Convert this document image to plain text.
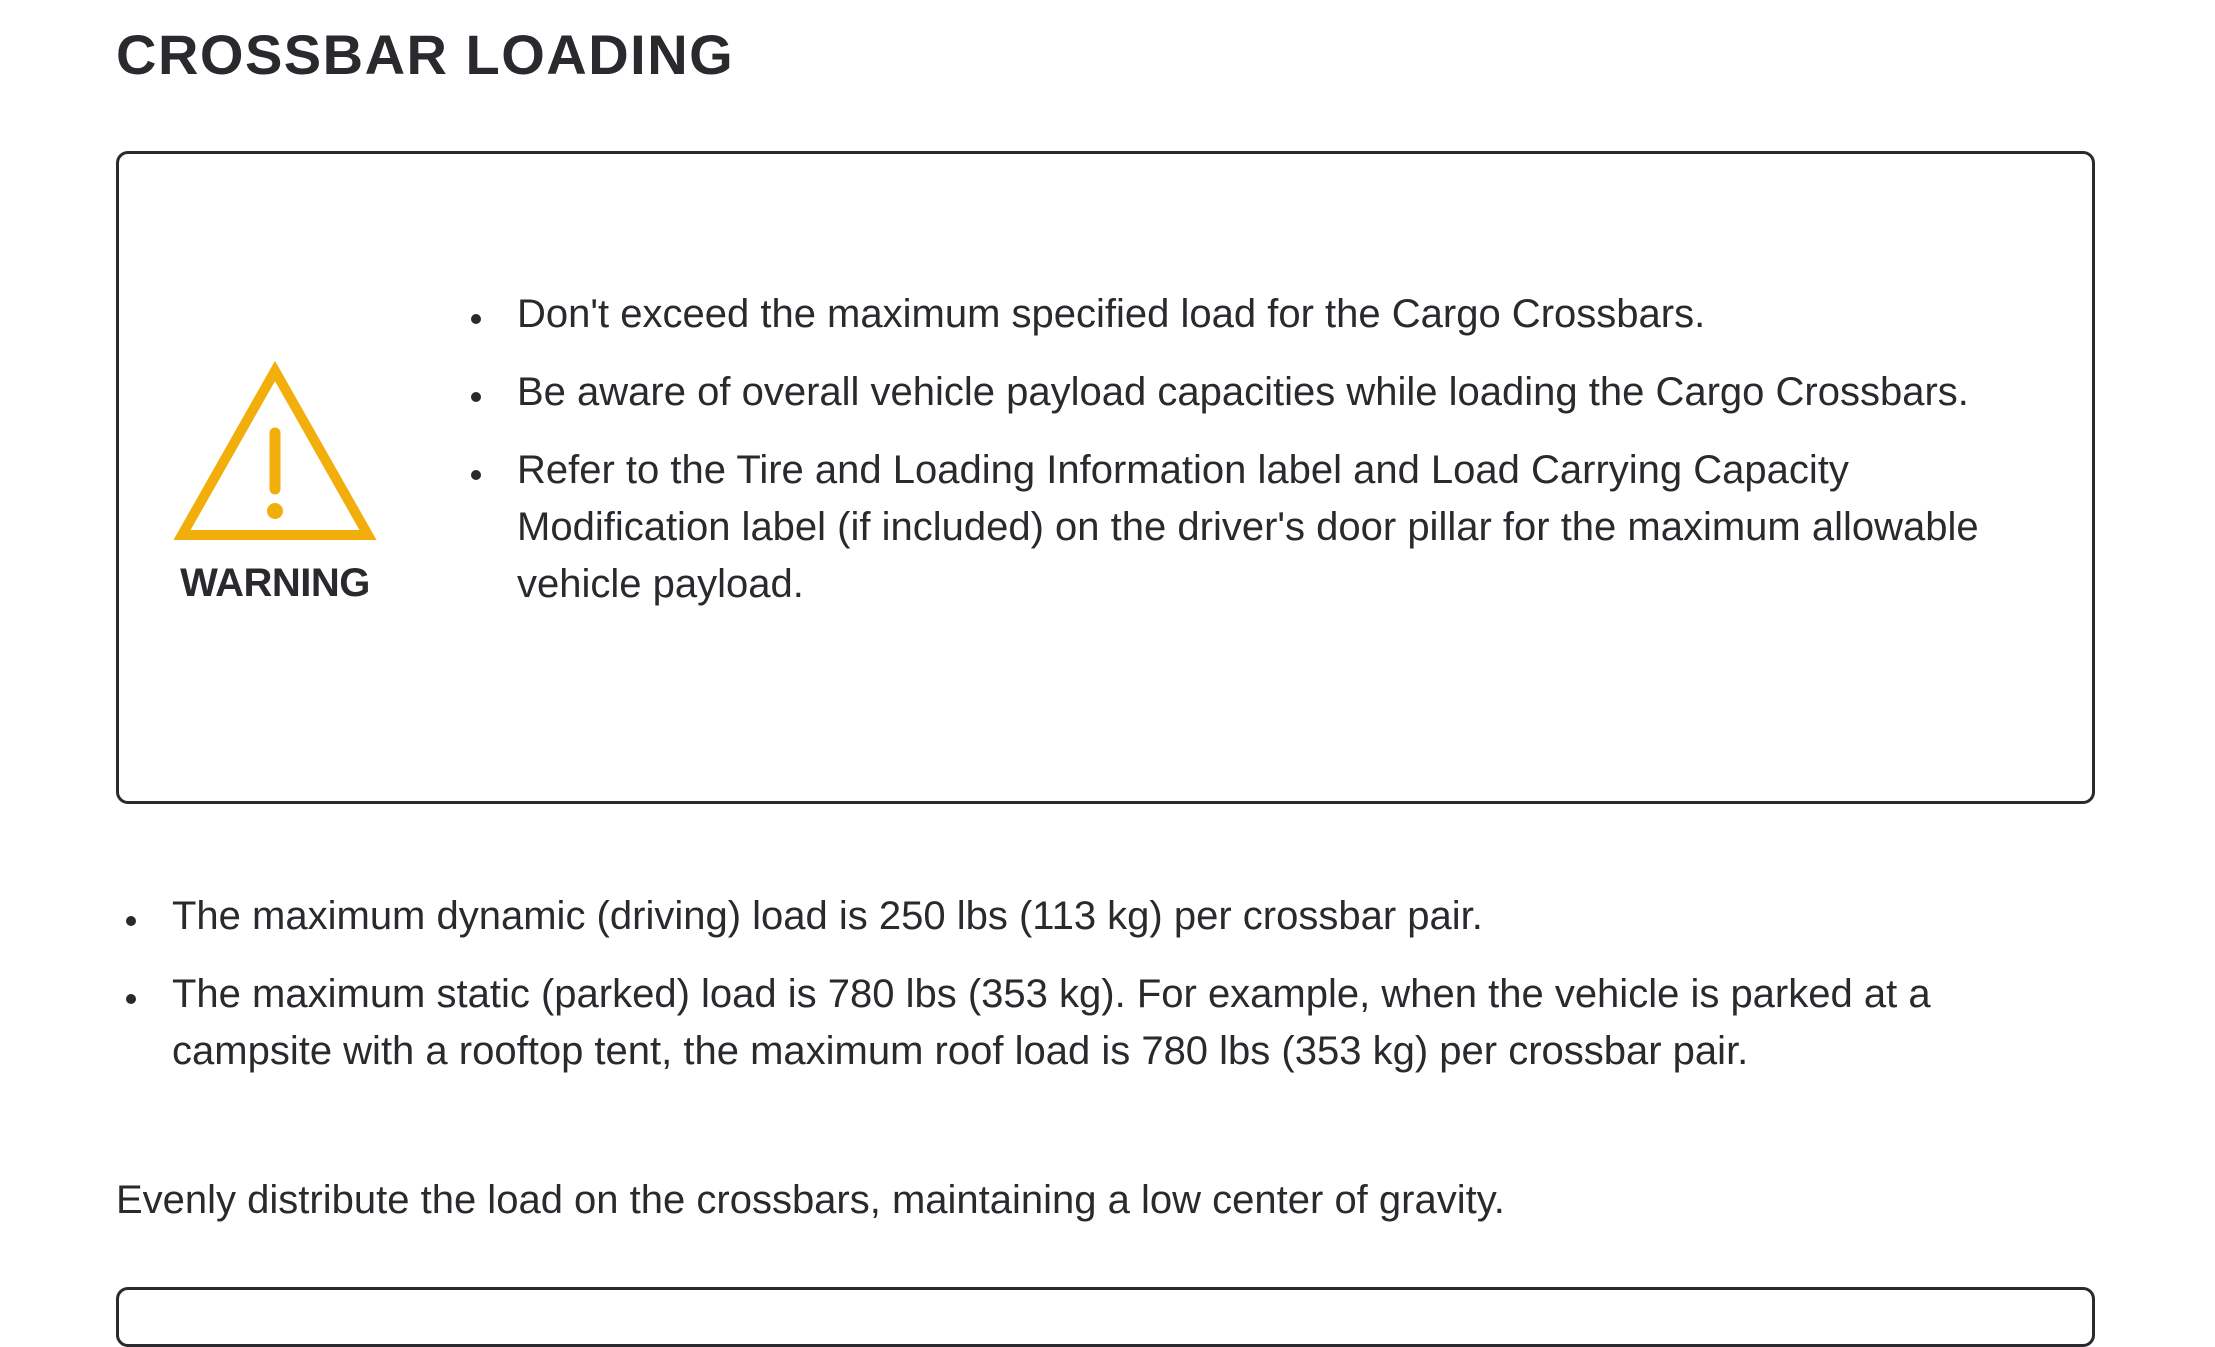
CROSSBAR LOADING
WARNING
Don't exceed the maximum specified load for the Cargo Crossbars.
Be aware of overall vehicle payload capacities while loading the Cargo Crossbars.
Refer to the Tire and Loading Information label and Load Carrying Capacity Modification label (if included) on the driver's door pillar for the maximum allowable vehicle payload.
The maximum dynamic (driving) load is 250 lbs (113 kg) per crossbar pair.
The maximum static (parked) load is 780 lbs (353 kg). For example, when the vehicle is parked at a campsite with a rooftop tent, the maximum roof load is 780 lbs (353 kg) per crossbar pair.

Evenly distribute the load on the crossbars, maintaining a low center of gravity.
